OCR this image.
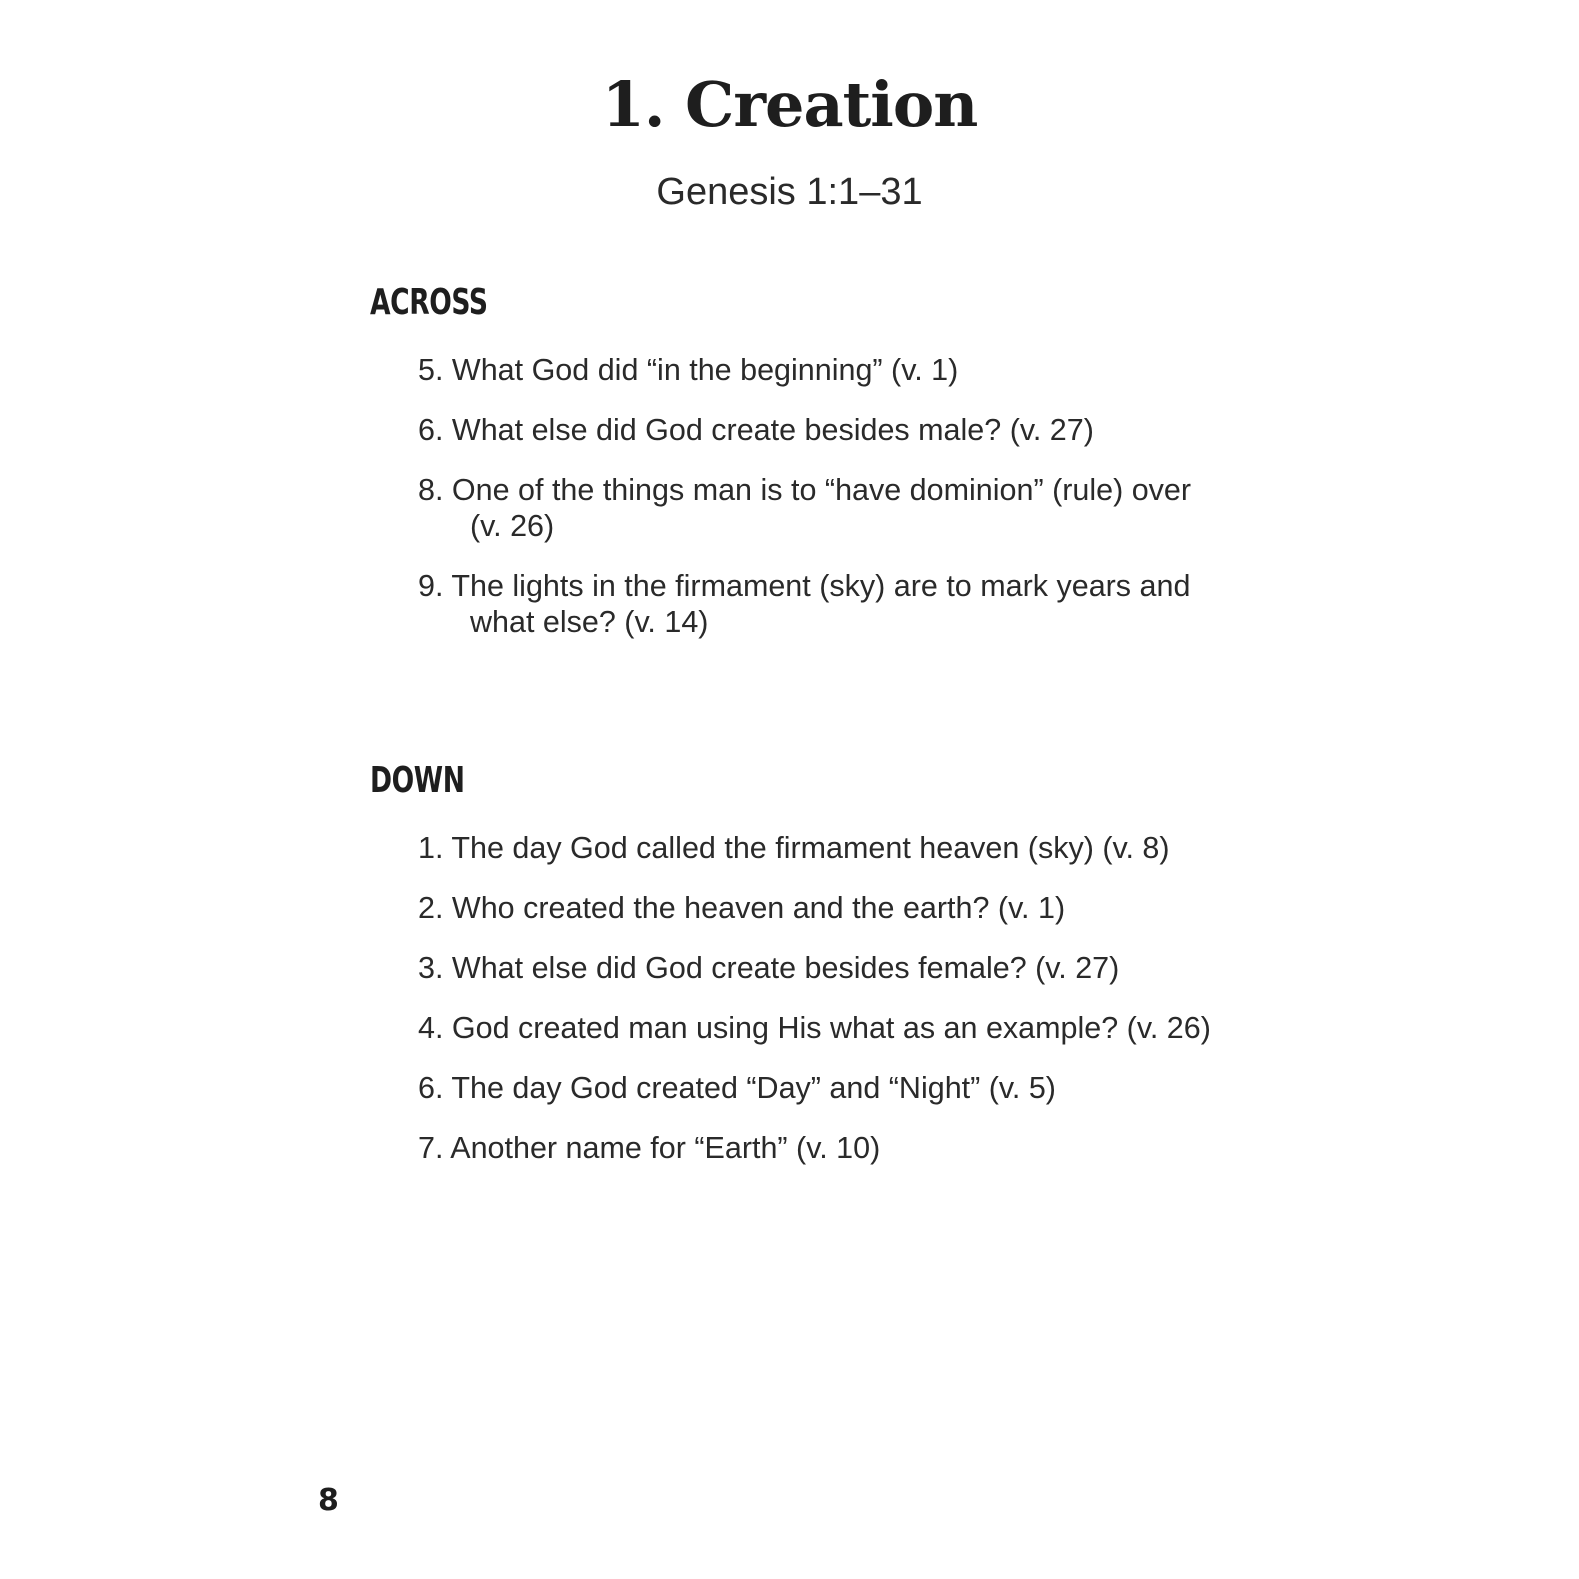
1. Creation
Genesis 1:1–31
ACROSS
5. What God did “in the beginning” (v. 1)
6. What else did God create besides male? (v. 27)
8. One of the things man is to “have dominion” (rule) over (v. 26)
9. The lights in the firmament (sky) are to mark years and what else? (v. 14)
DOWN
1. The day God called the firmament heaven (sky) (v. 8)
2. Who created the heaven and the earth? (v. 1)
3. What else did God create besides female? (v. 27)
4. God created man using His what as an example? (v. 26)
6. The day God created “Day” and “Night” (v. 5)
7. Another name for “Earth” (v. 10)
8
